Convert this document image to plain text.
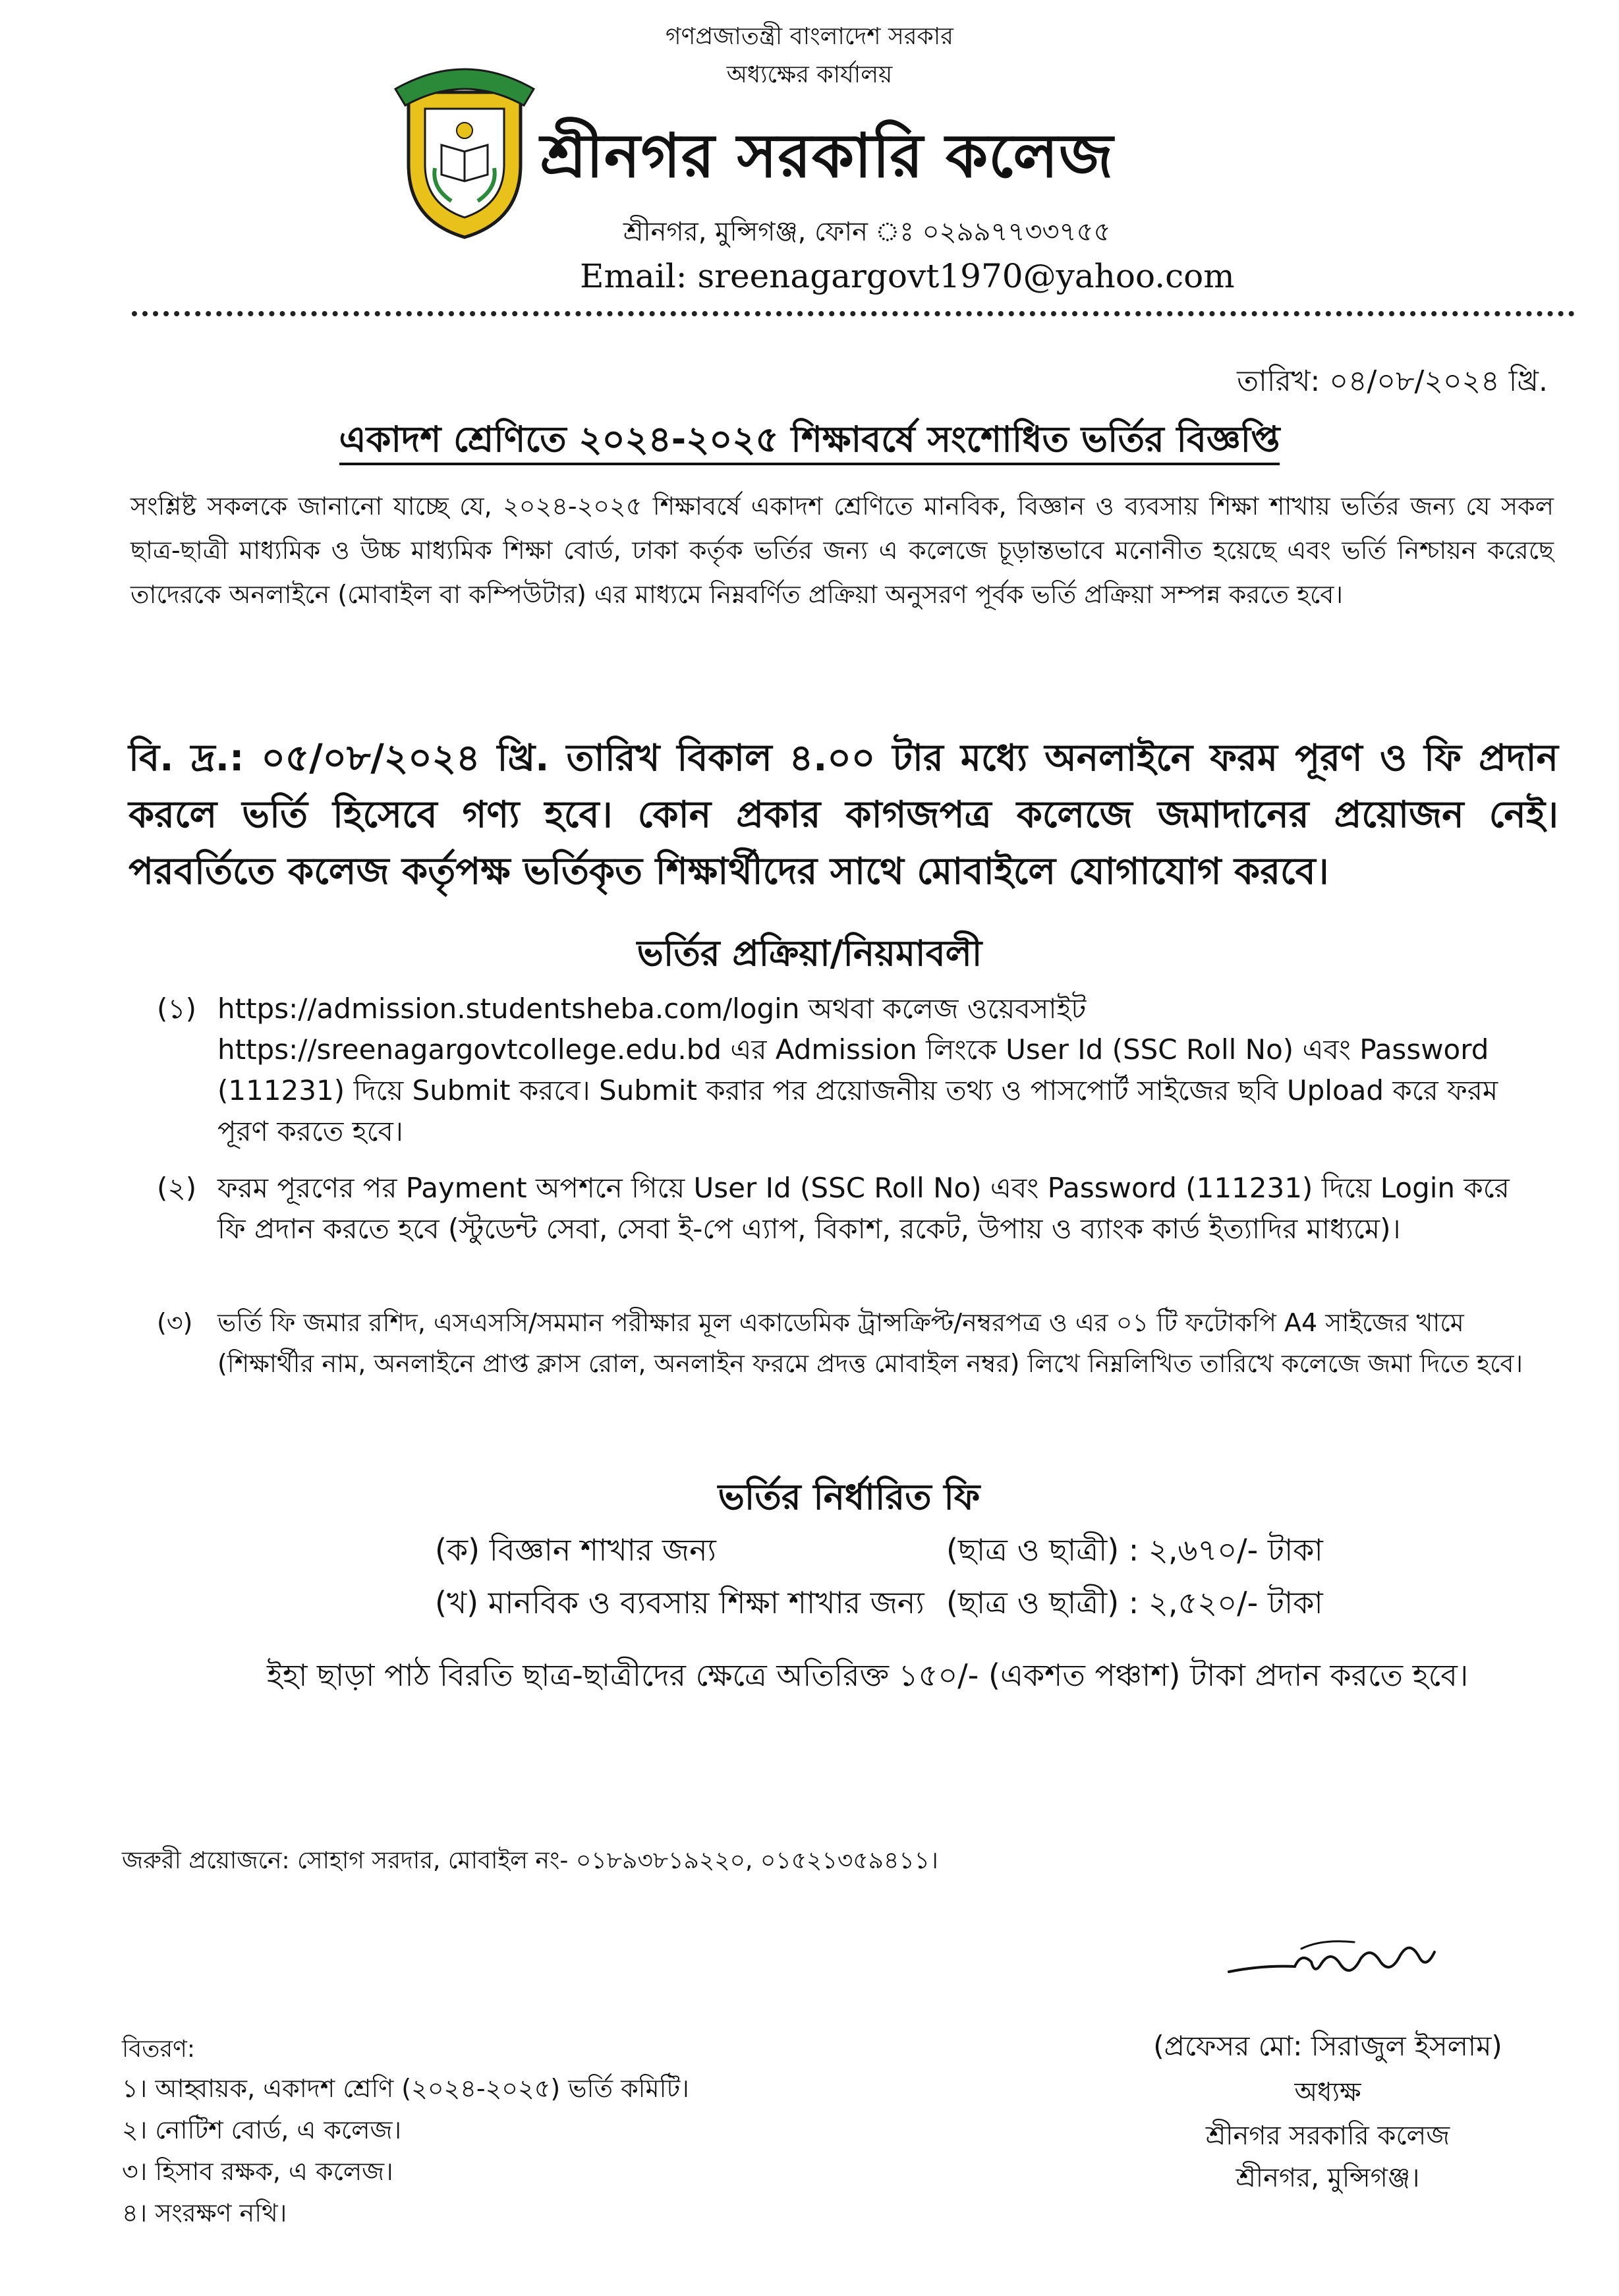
গণপ্রজাতন্ত্রী বাংলাদেশ সরকার
অধ্যক্ষের কার্যালয়
শ্রীনগর সরকারি কলেজ
শ্রীনগর, মুন্সিগঞ্জ, ফোন ঃ ০২৯৯৭৭৩৩৭৫৫
Email: sreenagargovt1970@yahoo.com
তারিখ: ০৪/০৮/২০২৪ খ্রি.
একাদশ শ্রেণিতে ২০২৪-২০২৫ শিক্ষাবর্ষে সংশোধিত ভর্তির বিজ্ঞপ্তি
সংশ্লিষ্ট সকলকে জানানো যাচ্ছে যে, ২০২৪-২০২৫ শিক্ষাবর্ষে একাদশ শ্রেণিতে মানবিক, বিজ্ঞান ও ব্যবসায় শিক্ষা শাখায় ভর্তির জন্য যে সকল ছাত্র-ছাত্রী মাধ্যমিক ও উচ্চ মাধ্যমিক শিক্ষা বোর্ড, ঢাকা কর্তৃক ভর্তির জন্য এ কলেজে চূড়ান্তভাবে মনোনীত হয়েছে এবং ভর্তি নিশ্চায়ন করেছে তাদেরকে অনলাইনে (মোবাইল বা কম্পিউটার) এর মাধ্যমে নিম্নবর্ণিত প্রক্রিয়া অনুসরণ পূর্বক ভর্তি প্রক্রিয়া সম্পন্ন করতে হবে।
বি. দ্র.: ০৫/০৮/২০২৪ খ্রি. তারিখ বিকাল ৪.০০ টার মধ্যে অনলাইনে ফরম পূরণ ও ফি প্রদান করলে ভর্তি হিসেবে গণ্য হবে। কোন প্রকার কাগজপত্র কলেজে জমাদানের প্রয়োজন নেই। পরবর্তিতে কলেজ কর্তৃপক্ষ ভর্তিকৃত শিক্ষার্থীদের সাথে মোবাইলে যোগাযোগ করবে।
ভর্তির প্রক্রিয়া/নিয়মাবলী
(১) https://admission.studentsheba.com/login অথবা কলেজ ওয়েবসাইট https://sreenagargovtcollege.edu.bd এর Admission লিংকে User Id (SSC Roll No) এবং Password (111231) দিয়ে Submit করবে। Submit করার পর প্রয়োজনীয় তথ্য ও পাসপোর্ট সাইজের ছবি Upload করে ফরম পূরণ করতে হবে।
(২) ফরম পূরণের পর Payment অপশনে গিয়ে User Id (SSC Roll No) এবং Password (111231) দিয়ে Login করে ফি প্রদান করতে হবে (স্টুডেন্ট সেবা, সেবা ই-পে এ্যাপ, বিকাশ, রকেট, উপায় ও ব্যাংক কার্ড ইত্যাদির মাধ্যমে)।
(৩) ভর্তি ফি জমার রশিদ, এসএসসি/সমমান পরীক্ষার মূল একাডেমিক ট্রান্সক্রিপ্ট/নম্বরপত্র ও এর ০১ টি ফটোকপি A4 সাইজের খামে (শিক্ষার্থীর নাম, অনলাইনে প্রাপ্ত ক্লাস রোল, অনলাইন ফরমে প্রদত্ত মোবাইল নম্বর) লিখে নিম্নলিখিত তারিখে কলেজে জমা দিতে হবে।
ভর্তির নির্ধারিত ফি
(ক) বিজ্ঞান শাখার জন্য	(ছাত্র ও ছাত্রী) : ২,৬৭০/- টাকা
(খ) মানবিক ও ব্যবসায় শিক্ষা শাখার জন্য (ছাত্র ও ছাত্রী) : ২,৫২০/- টাকা
ইহা ছাড়া পাঠ বিরতি ছাত্র-ছাত্রীদের ক্ষেত্রে অতিরিক্ত ১৫০/- (একশত পঞ্চাশ) টাকা প্রদান করতে হবে।
জরুরী প্রয়োজনে: সোহাগ সরদার, মোবাইল নং- ০১৮৯৩৮১৯২২০, ০১৫২১৩৫৯৪১১।
(প্রফেসর মো: সিরাজুল ইসলাম)
অধ্যক্ষ
শ্রীনগর সরকারি কলেজ
শ্রীনগর, মুন্সিগঞ্জ।
বিতরণ:
১। আহ্বায়ক, একাদশ শ্রেণি (২০২৪-২০২৫) ভর্তি কমিটি।
২। নোটিশ বোর্ড, এ কলেজ।
৩। হিসাব রক্ষক, এ কলেজ।
৪। সংরক্ষণ নথি।
